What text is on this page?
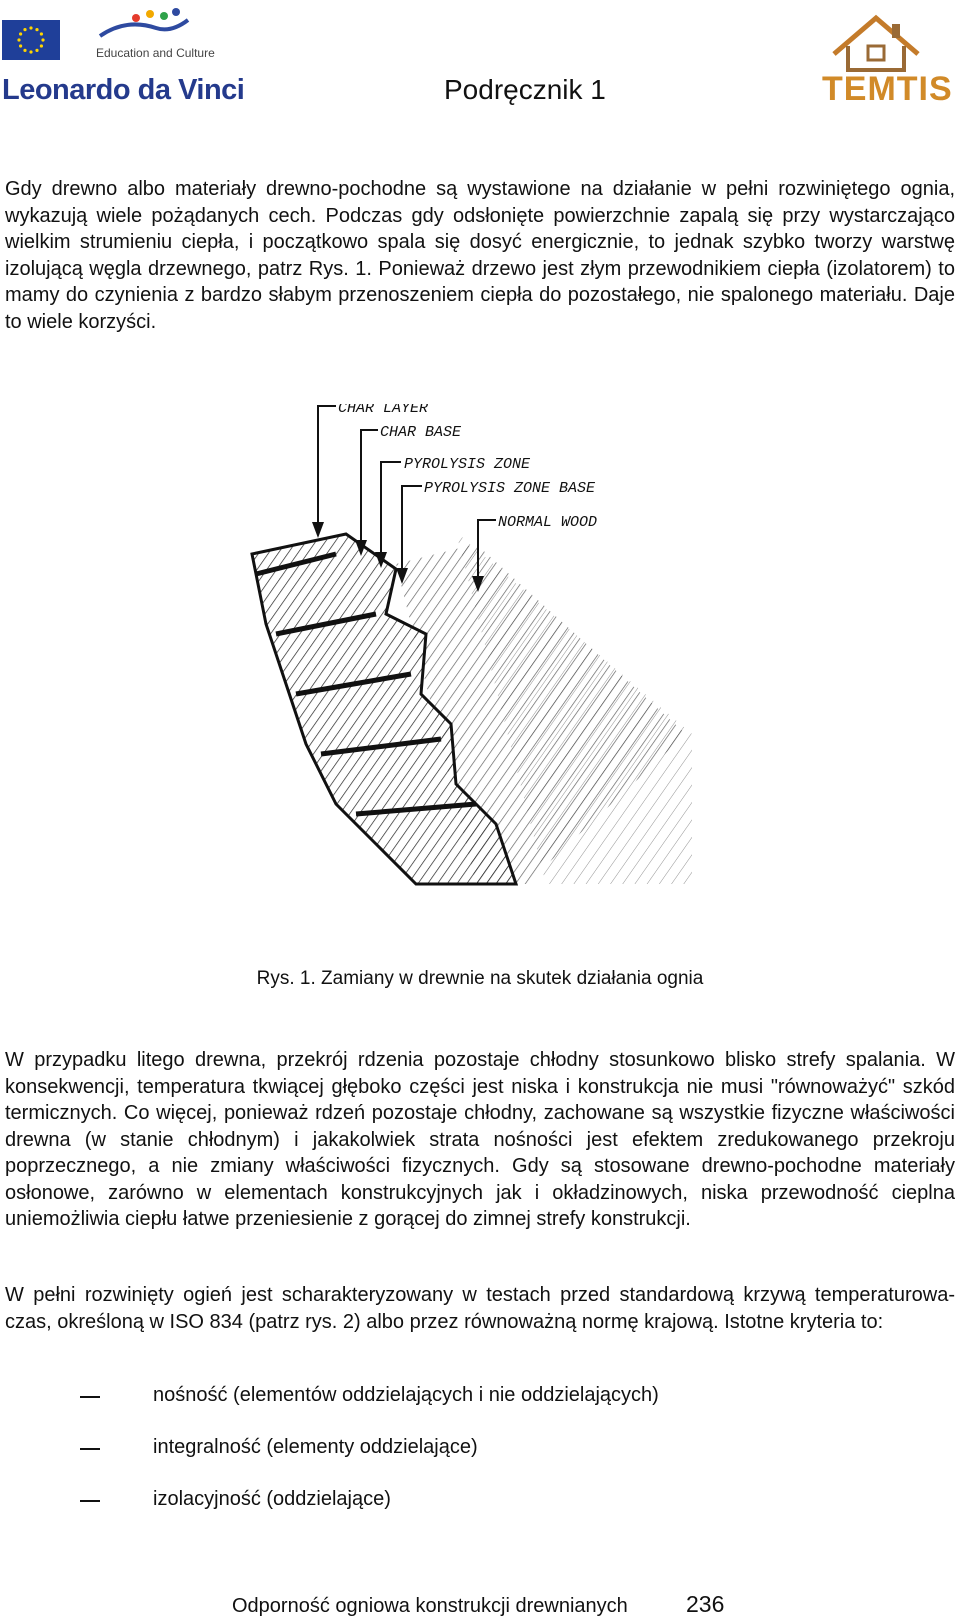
Education and Culture
Leonardo da Vinci	Podręcznik 1	TEMTIS

Gdy drewno albo materiały drewno-pochodne są wystawione na działanie w pełni rozwiniętego ognia, wykazują wiele pożądanych cech. Podczas gdy odsłonięte powierzchnie zapalą się przy wystarczająco wielkim strumieniu ciepła, i początkowo spala się dosyć energicznie, to jednak szybko tworzy warstwę izolującą węgla drzewnego, patrz Rys. 1. Ponieważ drzewo jest złym przewodnikiem ciepła (izolatorem) to mamy do czynienia z bardzo słabym przenoszeniem ciepła do pozostałego, nie spalonego materiału. Daje to wiele korzyści.

CHAR LAYER
CHAR BASE
PYROLYSIS ZONE
PYROLYSIS ZONE BASE
NORMAL WOOD
Rys. 1. Zamiany w drewnie na skutek działania ognia

W przypadku litego drewna, przekrój rdzenia pozostaje chłodny stosunkowo blisko strefy spalania. W konsekwencji, temperatura tkwiącej głęboko części jest niska i konstrukcja nie musi "równoważyć" szkód termicznych. Co więcej, ponieważ rdzeń pozostaje chłodny, zachowane są wszystkie fizyczne właściwości drewna (w stanie chłodnym) i jakakolwiek strata nośności jest efektem zredukowanego przekroju poprzecznego, a nie zmiany właściwości fizycznych. Gdy są stosowane drewno-pochodne materiały osłonowe, zarówno w elementach konstrukcyjnych jak i okładzinowych, niska przewodność cieplna uniemożliwia ciepłu łatwe przeniesienie z gorącej do zimnej strefy konstrukcji.

W pełni rozwinięty ogień jest scharakteryzowany w testach przed standardową krzywą temperaturowa-czas, określoną w ISO 834 (patrz rys. 2) albo przez równoważną normę krajową. Istotne kryteria to:

nośność (elementów oddzielających i nie oddzielających)
integralność (elementy oddzielające)
izolacyjność (oddzielające)
Odporność ogniowa konstrukcji drewnianych	236
